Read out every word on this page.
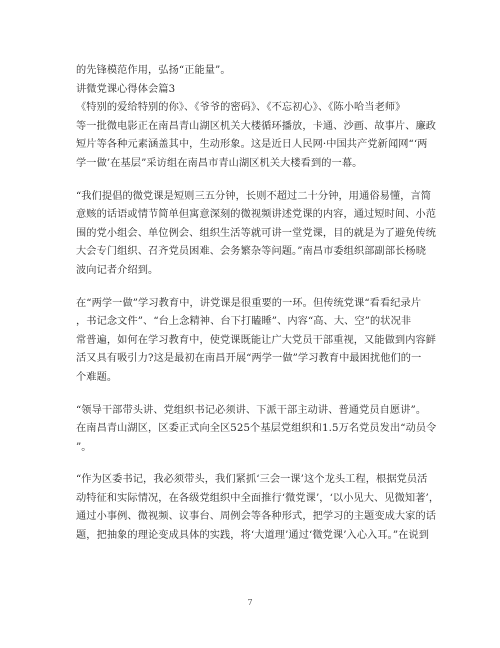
的先锋模范作用，弘扬“正能量”。
讲微党课心得体会篇3
《特别的爱给特别的你》、《爷爷的密码》、《不忘初心》、《陈小哈当老师》
等一批微电影正在南昌青山湖区机关大楼循环播放，卡通、沙画、故事片、廉政
短片等各种元素涵盖其中，生动形象。这是近日人民网·中国共产党新闻网“‘两
学一做’在基层”采访组在南昌市青山湖区机关大楼看到的一幕。
“我们提倡的微党课是短则三五分钟，长则不超过二十分钟，用通俗易懂，言简
意赅的话语或情节简单但寓意深刻的微视频讲述党课的内容，通过短时间、小范
围的党小组会、单位例会、组织生活等就可讲一堂党课，目的就是为了避免传统
大会专门组织、召齐党员困难、会务繁杂等问题。”南昌市委组织部副部长杨晓
波向记者介绍到。
在“两学一做”学习教育中，讲党课是很重要的一环。但传统党课“看看纪录片
，书记念文件”、“台上念精神、台下打瞌睡”、内容“高、大、空”的状况非
常普遍，如何在学习教育中，使党课既能让广大党员干部重视，又能做到内容鲜
活又具有吸引力?这是最初在南昌开展“两学一做”学习教育中最困扰他们的一
个难题。
“领导干部带头讲、党组织书记必须讲、下派干部主动讲、普通党员自愿讲”。
在南昌青山湖区，区委正式向全区525个基层党组织和1.5万名党员发出“动员令
”。
“作为区委书记，我必须带头，我们紧抓‘三会一课’这个龙头工程，根据党员活
动特征和实际情况，在各级党组织中全面推行‘微党课’，‘以小见大、见微知著’，
通过小事例、微视频、议事台、周例会等各种形式，把学习的主题变成大家的话
题，把抽象的理论变成具体的实践，将‘大道理’通过‘微党课’入心入耳。”在说到
7
